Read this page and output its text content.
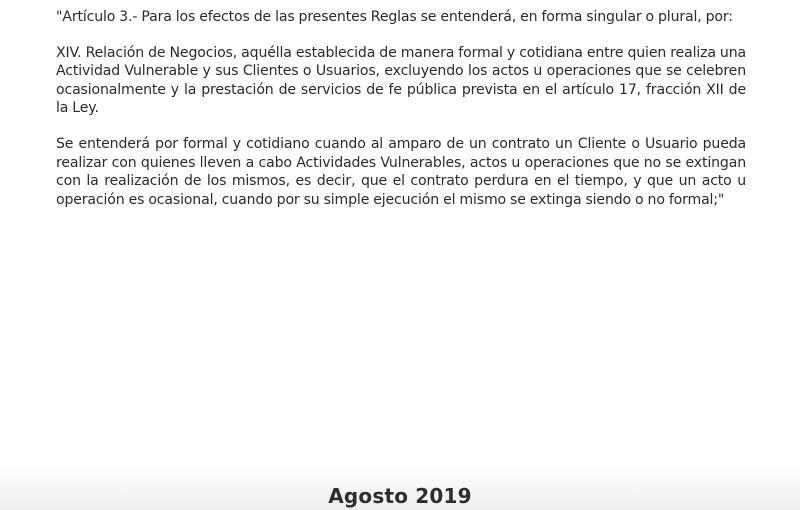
"Artículo 3.- Para los efectos de las presentes Reglas se entenderá, en forma singular o plural, por:

XIV. Relación de Negocios, aquélla establecida de manera formal y cotidiana entre quien realiza una Actividad Vulnerable y sus Clientes o Usuarios, excluyendo los actos u operaciones que se celebren ocasionalmente y la prestación de servicios de fe pública prevista en el artículo 17, fracción XII de la Ley.

Se entenderá por formal y cotidiano cuando al amparo de un contrato un Cliente o Usuario pueda realizar con quienes lleven a cabo Actividades Vulnerables, actos u operaciones que no se extingan con la realización de los mismos, es decir, que el contrato perdura en el tiempo, y que un acto u operación es ocasional, cuando por su simple ejecución el mismo se extinga siendo o no formal;"

Agosto 2019
